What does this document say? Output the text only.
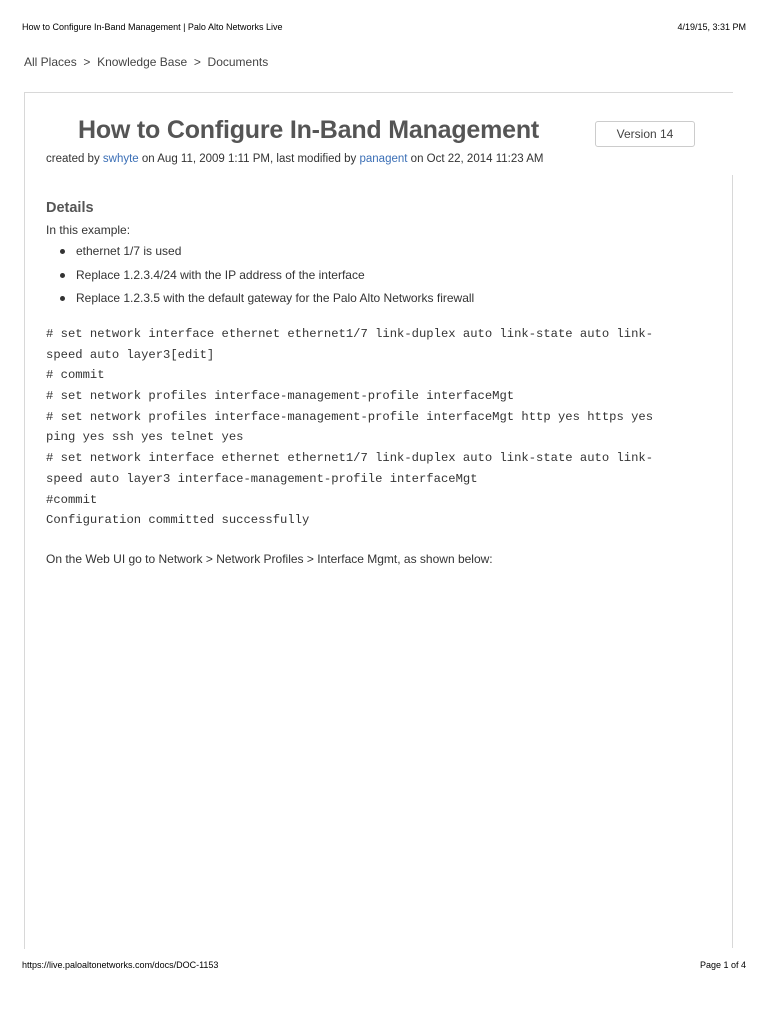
How to Configure In-Band Management | Palo Alto Networks Live	4/19/15, 3:31 PM
All Places > Knowledge Base > Documents
How to Configure In-Band Management	Version 14
created by swhyte on Aug 11, 2009 1:11 PM, last modified by panagent on Oct 22, 2014 11:23 AM
Details
In this example:
ethernet 1/7 is used
Replace 1.2.3.4/24 with the IP address of the interface
Replace 1.2.3.5 with the default gateway for the Palo Alto Networks firewall
# set network interface ethernet ethernet1/7 link-duplex auto link-state auto link-
speed auto layer3[edit]
# commit
# set network profiles interface-management-profile interfaceMgt
# set network profiles interface-management-profile interfaceMgt http yes https yes
ping yes ssh yes telnet yes
# set network interface ethernet ethernet1/7 link-duplex auto link-state auto link-
speed auto layer3 interface-management-profile interfaceMgt
#commit
Configuration committed successfully
On the Web UI go to Network > Network Profiles > Interface Mgmt, as shown below:
https://live.paloaltonetworks.com/docs/DOC-1153	Page 1 of 4
